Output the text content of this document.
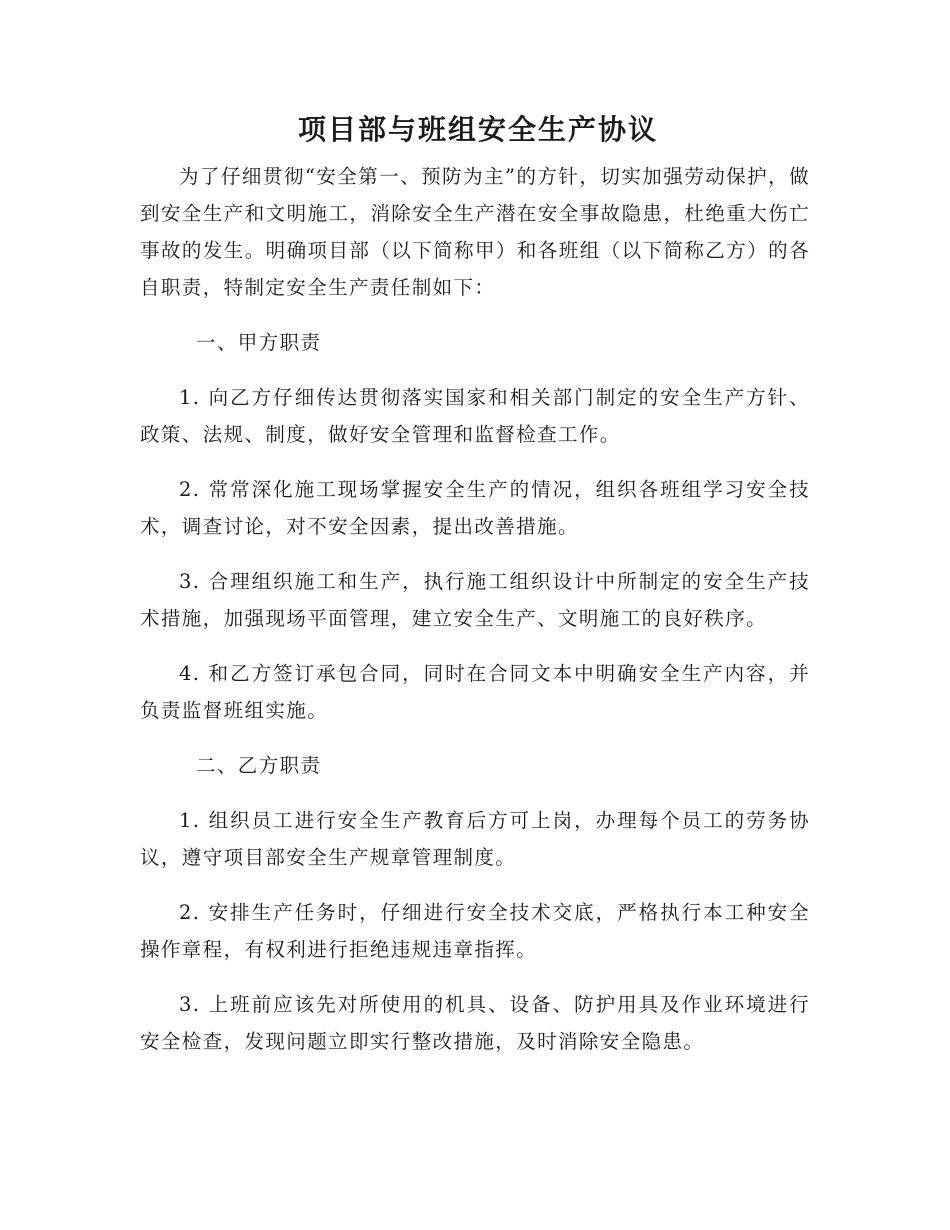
项目部与班组安全生产协议

为了仔细贯彻“安全第一、预防为主”的方针，切实加强劳动保护，做到安全生产和文明施工，消除安全生产潜在安全事故隐患，杜绝重大伤亡事故的发生。明确项目部（以下简称甲）和各班组（以下简称乙方）的各自职责，特制定安全生产责任制如下：

一、甲方职责

1. 向乙方仔细传达贯彻落实国家和相关部门制定的安全生产方针、政策、法规、制度，做好安全管理和监督检查工作。

2. 常常深化施工现场掌握安全生产的情况，组织各班组学习安全技术，调查讨论，对不安全因素，提出改善措施。

3. 合理组织施工和生产，执行施工组织设计中所制定的安全生产技术措施，加强现场平面管理，建立安全生产、文明施工的良好秩序。

4. 和乙方签订承包合同，同时在合同文本中明确安全生产内容，并负责监督班组实施。

二、乙方职责

1. 组织员工进行安全生产教育后方可上岗，办理每个员工的劳务协议，遵守项目部安全生产规章管理制度。

2. 安排生产任务时，仔细进行安全技术交底，严格执行本工种安全操作章程，有权利进行拒绝违规违章指挥。

3. 上班前应该先对所使用的机具、设备、防护用具及作业环境进行安全检查，发现问题立即实行整改措施，及时消除安全隐患。
